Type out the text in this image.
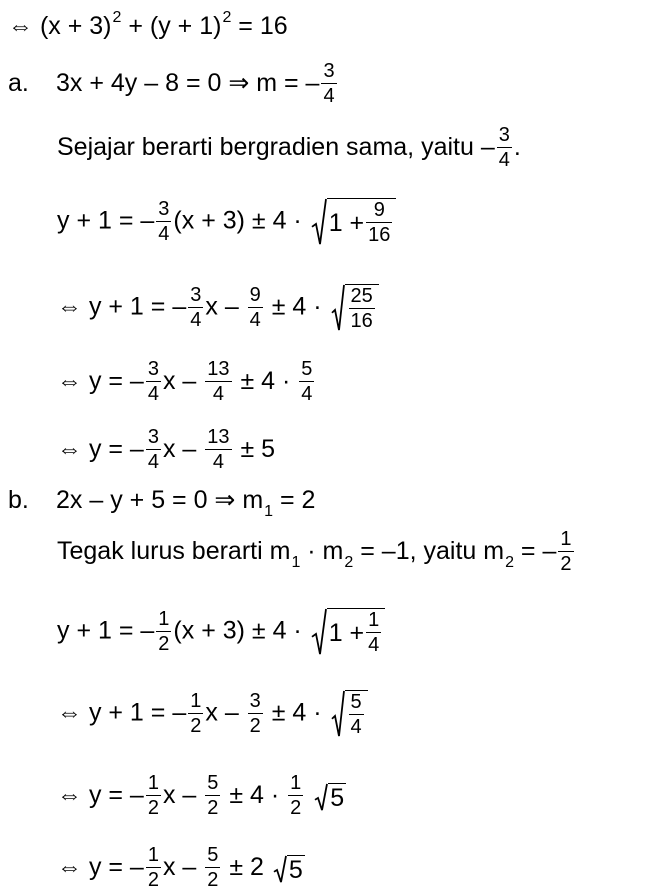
⇔ $(x + 3)^2 + (y + 1)^2 = 16$
a. 3x + 4y – 8 = 0 ⇒ m = – $\frac{3}{4}$
Sejajar berarti bergradien sama, yaitu – $\frac{3}{4}$ .
y + 1 = – $\frac{3}{4} (x + 3) \pm 4 \cdot 1 + \frac{9}{16}$
⇔ y + 1 = – $\frac{3}{4}$ $x - \frac{9}{4} \pm 4 \cdot \frac{25}{16}$
⇔ y = – $\frac{3}{4}$ $x - \frac{13}{4} \pm 4 \cdot \frac{5}{4}$
⇔ y = – $\frac{3}{4}$ $x - \frac{13}{4} \pm 5$
b. 2x – y + 5 = 0 ⇒ $m_1 = 2$
Tegak lurus berarti $m_1 \cdot m_2 = -1$, yaitu $m_2$ = – $\frac{1}{2}$
y + 1 = – $\frac{1}{2} (x + 3) \pm 4 \cdot 1 + \frac{1}{4}$
⇔ y + 1 = – $\frac{1}{2}$ $x - \frac{3}{2} \pm 4 \cdot \frac{5}{4}$
⇔ y = – $\frac{1}{2}$ $x - \frac{5}{2} \pm 4 \cdot \frac{1}{2}$
5
⇔ y = – $\frac{1}{2}$ $x - \frac{5}{2} \pm 2$ 5
